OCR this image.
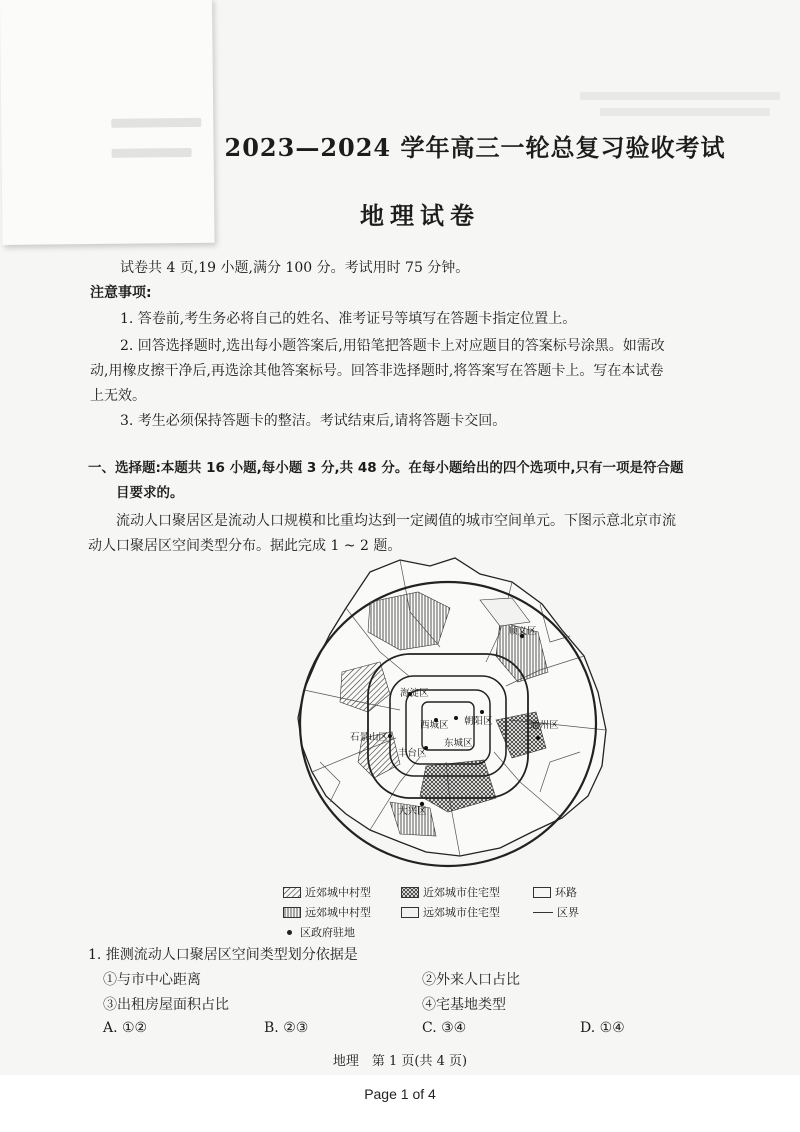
2023—2024 学年高三一轮总复习验收考试
地理试卷

试卷共 4 页,19 小题,满分 100 分。考试用时 75 分钟。

注意事项:

1. 答卷前,考生务必将自己的姓名、准考证号等填写在答题卡指定位置上。

2. 回答选择题时,选出每小题答案后,用铅笔把答题卡上对应题目的答案标号涂黑。如需改

动,用橡皮擦干净后,再选涂其他答案标号。回答非选择题时,将答案写在答题卡上。写在本试卷

上无效。

3. 考生必须保持答题卡的整洁。考试结束后,请将答题卡交回。

一、选择题:本题共 16 小题,每小题 3 分,共 48 分。在每小题给出的四个选项中,只有一项是符合题

目要求的。

流动人口聚居区是流动人口规模和比重均达到一定阈值的城市空间单元。下图示意北京市流

动人口聚居区空间类型分布。据此完成 1 ~ 2 题。

顺义区
朝阳区
西城区
东城区
海淀区
石景山区
丰台区
通州区
大兴区
近郊城中村型	近郊城市住宅型	环路
远郊城中村型	远郊城市住宅型	区界
区政府驻地

1. 推测流动人口聚居区空间类型划分依据是

①与市中心距离	②外来人口占比

③出租房屋面积占比	④宅基地类型

A. ①②	B. ②③	C. ③④	D. ①④

地理　第 1 页(共 4 页)
Page 1 of 4
